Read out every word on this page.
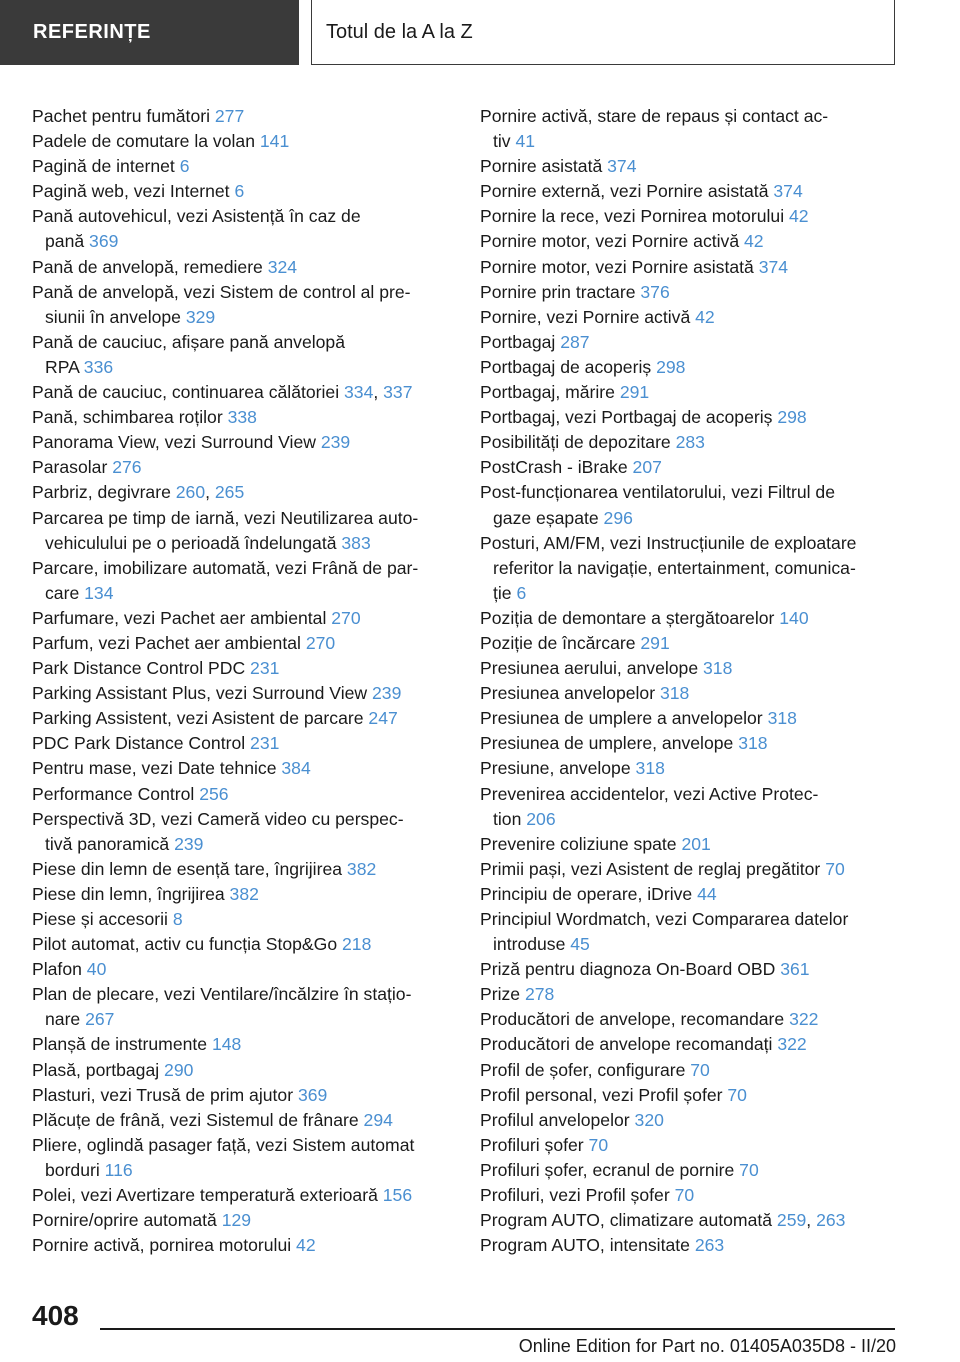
REFERINȚE	Totul de la A la Z

Pachet pentru fumători 277

Padele de comutare la volan 141

Pagină de internet 6

Pagină web, vezi Internet 6

Pană autovehicul, vezi Asistență în caz de
pană 369

Pană de anvelopă, remediere 324

Pană de anvelopă, vezi Sistem de control al pre-
siunii în anvelope 329

Pană de cauciuc, afișare pană anvelopă
RPA 336

Pană de cauciuc, continuarea călătoriei 334, 337

Pană, schimbarea roților 338

Panorama View, vezi Surround View 239

Parasolar 276

Parbriz, degivrare 260, 265

Parcarea pe timp de iarnă, vezi Neutilizarea auto-
vehiculului pe o perioadă îndelungată 383

Parcare, imobilizare automată, vezi Frână de par-
care 134

Parfumare, vezi Pachet aer ambiental 270

Parfum, vezi Pachet aer ambiental 270

Park Distance Control PDC 231

Parking Assistant Plus, vezi Surround View 239

Parking Assistent, vezi Asistent de parcare 247

PDC Park Distance Control 231

Pentru mase, vezi Date tehnice 384

Performance Control 256

Perspectivă 3D, vezi Cameră video cu perspec-
tivă panoramică 239

Piese din lemn de esență tare, îngrijirea 382

Piese din lemn, îngrijirea 382

Piese și accesorii 8

Pilot automat, activ cu funcția Stop&Go 218

Plafon 40

Plan de plecare, vezi Ventilare/încălzire în stațio-
nare 267

Planșă de instrumente 148

Plasă, portbagaj 290

Plasturi, vezi Trusă de prim ajutor 369

Plăcuțe de frână, vezi Sistemul de frânare 294

Pliere, oglindă pasager față, vezi Sistem automat
borduri 116

Polei, vezi Avertizare temperatură exterioară 156

Pornire/oprire automată 129

Pornire activă, pornirea motorului 42

Pornire activă, stare de repaus și contact ac-
tiv 41

Pornire asistată 374

Pornire externă, vezi Pornire asistată 374

Pornire la rece, vezi Pornirea motorului 42

Pornire motor, vezi Pornire activă 42

Pornire motor, vezi Pornire asistată 374

Pornire prin tractare 376

Pornire, vezi Pornire activă 42

Portbagaj 287

Portbagaj de acoperiș 298

Portbagaj, mărire 291

Portbagaj, vezi Portbagaj de acoperiș 298

Posibilități de depozitare 283

PostCrash - iBrake 207

Post-funcționarea ventilatorului, vezi Filtrul de
gaze eșapate 296

Posturi, AM/FM, vezi Instrucțiunile de exploatare
referitor la navigație, entertainment, comunica-
ție 6

Poziția de demontare a ștergătoarelor 140

Poziție de încărcare 291

Presiunea aerului, anvelope 318

Presiunea anvelopelor 318

Presiunea de umplere a anvelopelor 318

Presiunea de umplere, anvelope 318

Presiune, anvelope 318

Prevenirea accidentelor, vezi Active Protec-
tion 206

Prevenire coliziune spate 201

Primii pași, vezi Asistent de reglaj pregătitor 70

Principiu de operare, iDrive 44

Principiul Wordmatch, vezi Compararea datelor
introduse 45

Priză pentru diagnoza On-Board OBD 361

Prize 278

Producători de anvelope, recomandare 322

Producători de anvelope recomandați 322

Profil de șofer, configurare 70

Profil personal, vezi Profil șofer 70

Profilul anvelopelor 320

Profiluri șofer 70

Profiluri șofer, ecranul de pornire 70

Profiluri, vezi Profil șofer 70

Program AUTO, climatizare automată 259, 263

Program AUTO, intensitate 263

408
Online Edition for Part no. 01405A035D8 - II/20
